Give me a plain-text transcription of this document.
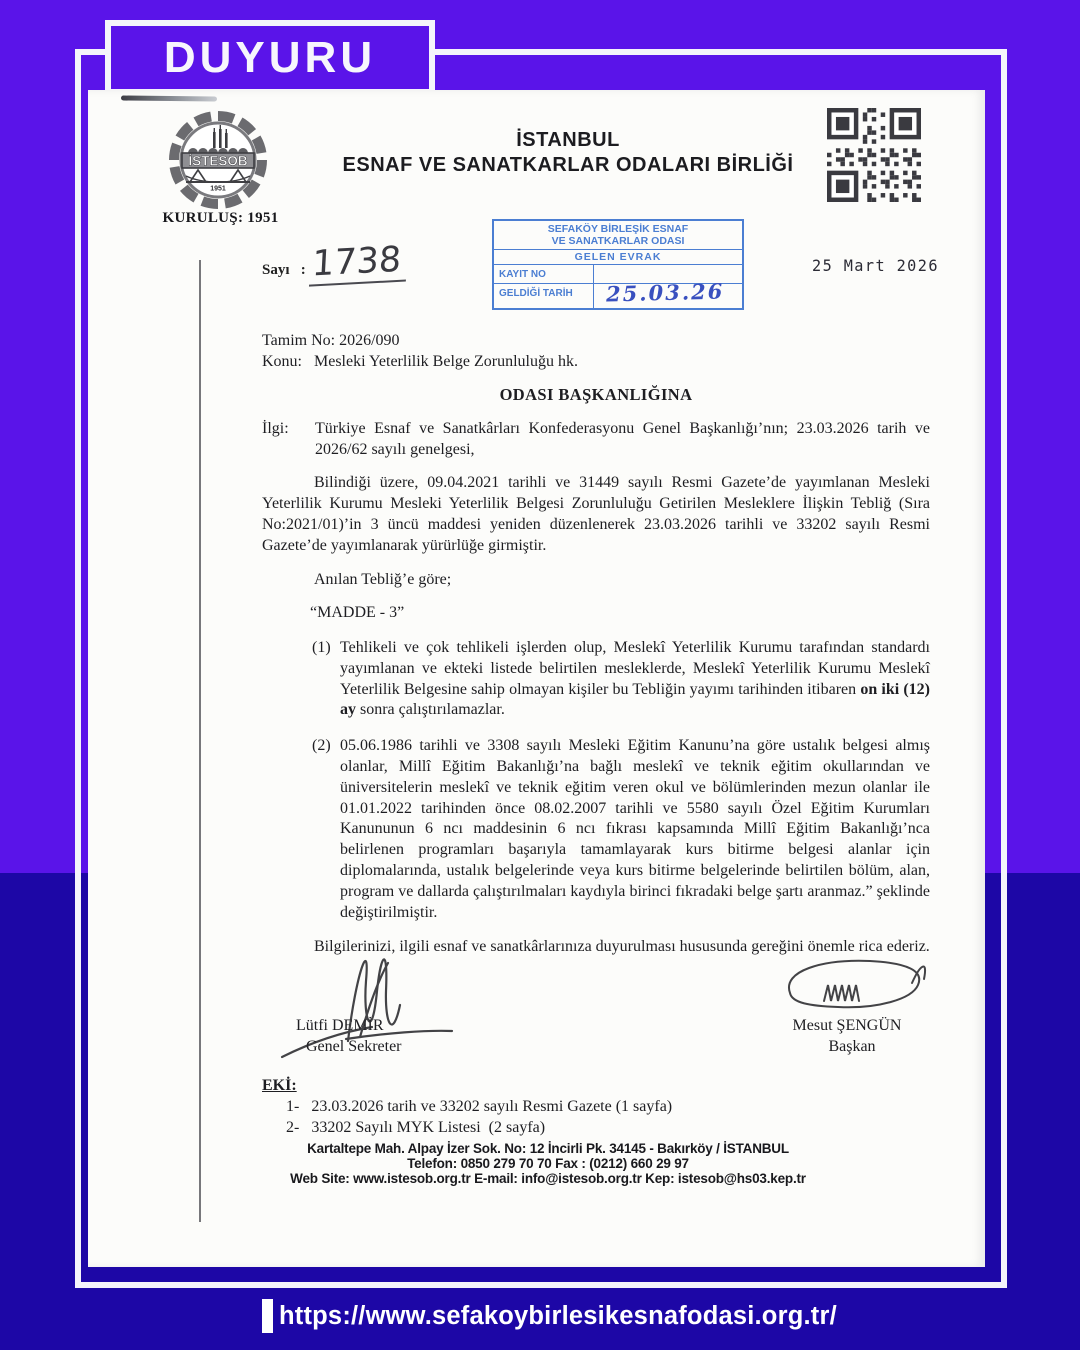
DUYURU
İSTESOB
1951
KURULUŞ: 1951
İSTANBUL
ESNAF VE SANATKARLAR ODALARI BİRLİĞİ
Sayı   : 1738	25 Mart 2026
SEFAKÖY BİRLEŞİK ESNAF
VE SANATKARLAR ODASI
GELEN EVRAK
KAYIT NO
GELDİĞİ TARİH	25.03.26

Tamim No: 2026/090

Konu:   Mesleki Yeterlilik Belge Zorunluluğu hk.

ODASI BAŞKANLIĞINA

İlgi:	Türkiye Esnaf ve Sanatkârları Konfederasyonu Genel Başkanlığı’nın; 23.03.2026 tarih ve 2026/62 sayılı genelgesi,

Bilindiği üzere, 09.04.2021 tarihli ve 31449 sayılı Resmi Gazete’de yayımlanan Mesleki Yeterlilik Kurumu Mesleki Yeterlilik Belgesi Zorunluluğu Getirilen Mesleklere İlişkin Tebliğ (Sıra No:2021/01)’in 3 üncü maddesi yeniden düzenlenerek 23.03.2026 tarihli ve 33202 sayılı Resmi Gazete’de yayımlanarak yürürlüğe girmiştir.

Anılan Tebliğ’e göre;

“MADDE - 3”

(1) Tehlikeli ve çok tehlikeli işlerden olup, Meslekî Yeterlilik Kurumu tarafından standardı yayımlanan ve ekteki listede belirtilen mesleklerde, Meslekî Yeterlilik Kurumu Meslekî Yeterlilik Belgesine sahip olmayan kişiler bu Tebliğin yayımı tarihinden itibaren on iki (12) ay sonra çalıştırılamazlar.
(2) 05.06.1986 tarihli ve 3308 sayılı Mesleki Eğitim Kanunu’na göre ustalık belgesi almış olanlar, Millî Eğitim Bakanlığı’na bağlı meslekî ve teknik eğitim okullarından ve üniversitelerin meslekî ve teknik eğitim veren okul ve bölümlerinden mezun olanlar ile 01.01.2022 tarihinden önce 08.02.2007 tarihli ve 5580 sayılı Özel Eğitim Kurumları Kanununun 6 ncı maddesinin 6 ncı fıkrası kapsamında Millî Eğitim Bakanlığı’nca belirlenen programları başarıyla tamamlayarak kurs bitirme belgesi alanlar için diplomalarında, ustalık belgelerinde veya kurs bitirme belgelerinde belirtilen bölüm, alan, program ve dallarda çalıştırılmaları kaydıyla birinci fıkradaki belge şartı aranmaz.” şeklinde değiştirilmiştir.

Bilgilerinizi, ilgili esnaf ve sanatkârlarınıza duyurulması hususunda gereğini önemle rica ederiz.

Lütfi DEMİR
Genel Sekreter
Mesut ŞENGÜN
Başkan
EKİ:
1-   23.03.2026 tarih ve 33202 sayılı Resmi Gazete (1 sayfa)
2-   33202 Sayılı MYK Listesi  (2 sayfa)
Kartaltepe Mah. Alpay İzer Sok. No: 12 İncirli Pk. 34145 - Bakırköy / İSTANBUL
Telefon: 0850 279 70 70 Fax : (0212) 660 29 97
Web Site: www.istesob.org.tr E-mail: info@istesob.org.tr Kep: istesob@hs03.kep.tr
https://www.sefakoybirlesikesnafodasi.org.tr/
